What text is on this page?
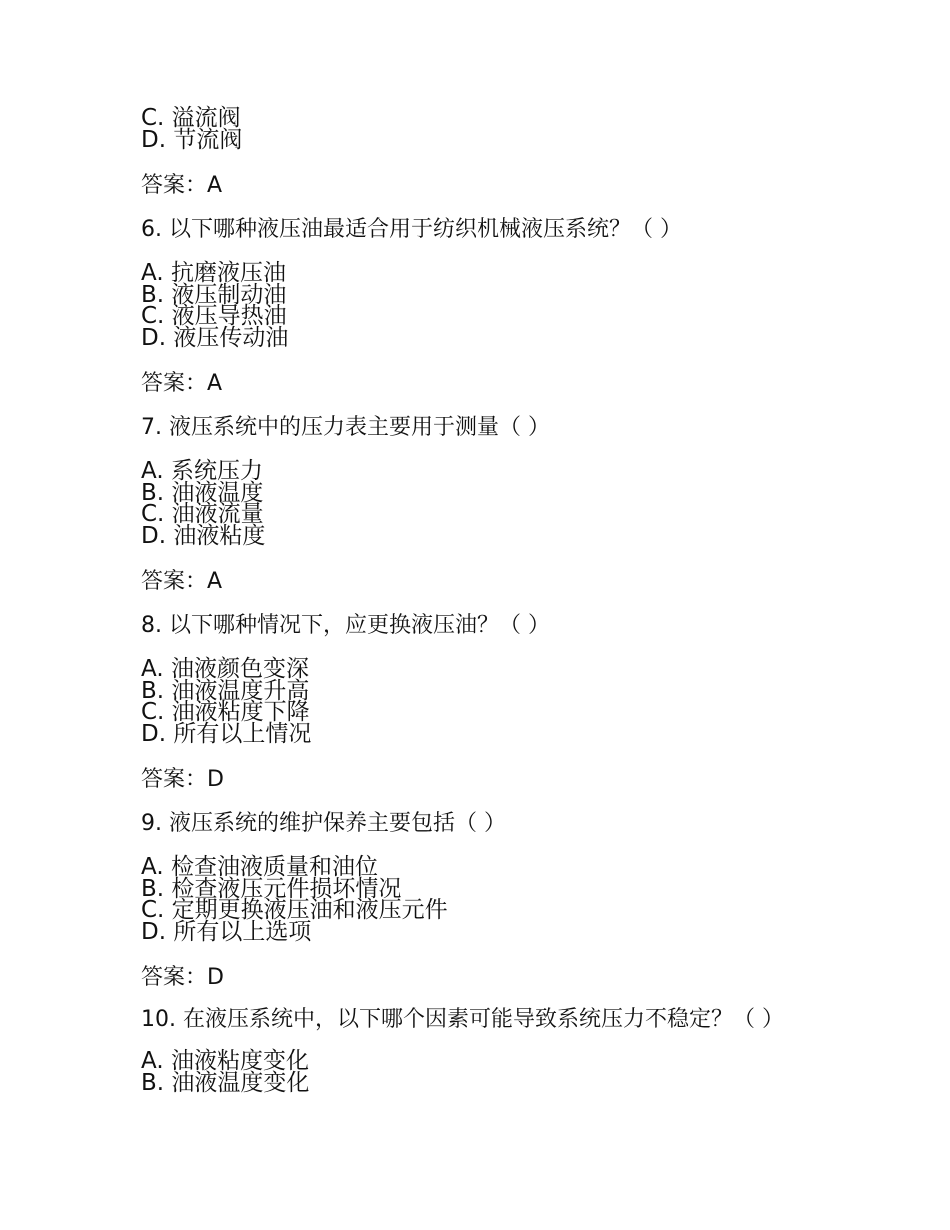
C. 溢流阀
D. 节流阀
答案：A
6. 以下哪种液压油最适合用于纺织机械液压系统？（ ）
A. 抗磨液压油
B. 液压制动油
C. 液压导热油
D. 液压传动油
答案：A
7. 液压系统中的压力表主要用于测量（ ）
A. 系统压力
B. 油液温度
C. 油液流量
D. 油液粘度
答案：A
8. 以下哪种情况下，应更换液压油？（ ）
A. 油液颜色变深
B. 油液温度升高
C. 油液粘度下降
D. 所有以上情况
答案：D
9. 液压系统的维护保养主要包括（ ）
A. 检查油液质量和油位
B. 检查液压元件损坏情况
C. 定期更换液压油和液压元件
D. 所有以上选项
答案：D
10. 在液压系统中，以下哪个因素可能导致系统压力不稳定？（ ）
A. 油液粘度变化
B. 油液温度变化
